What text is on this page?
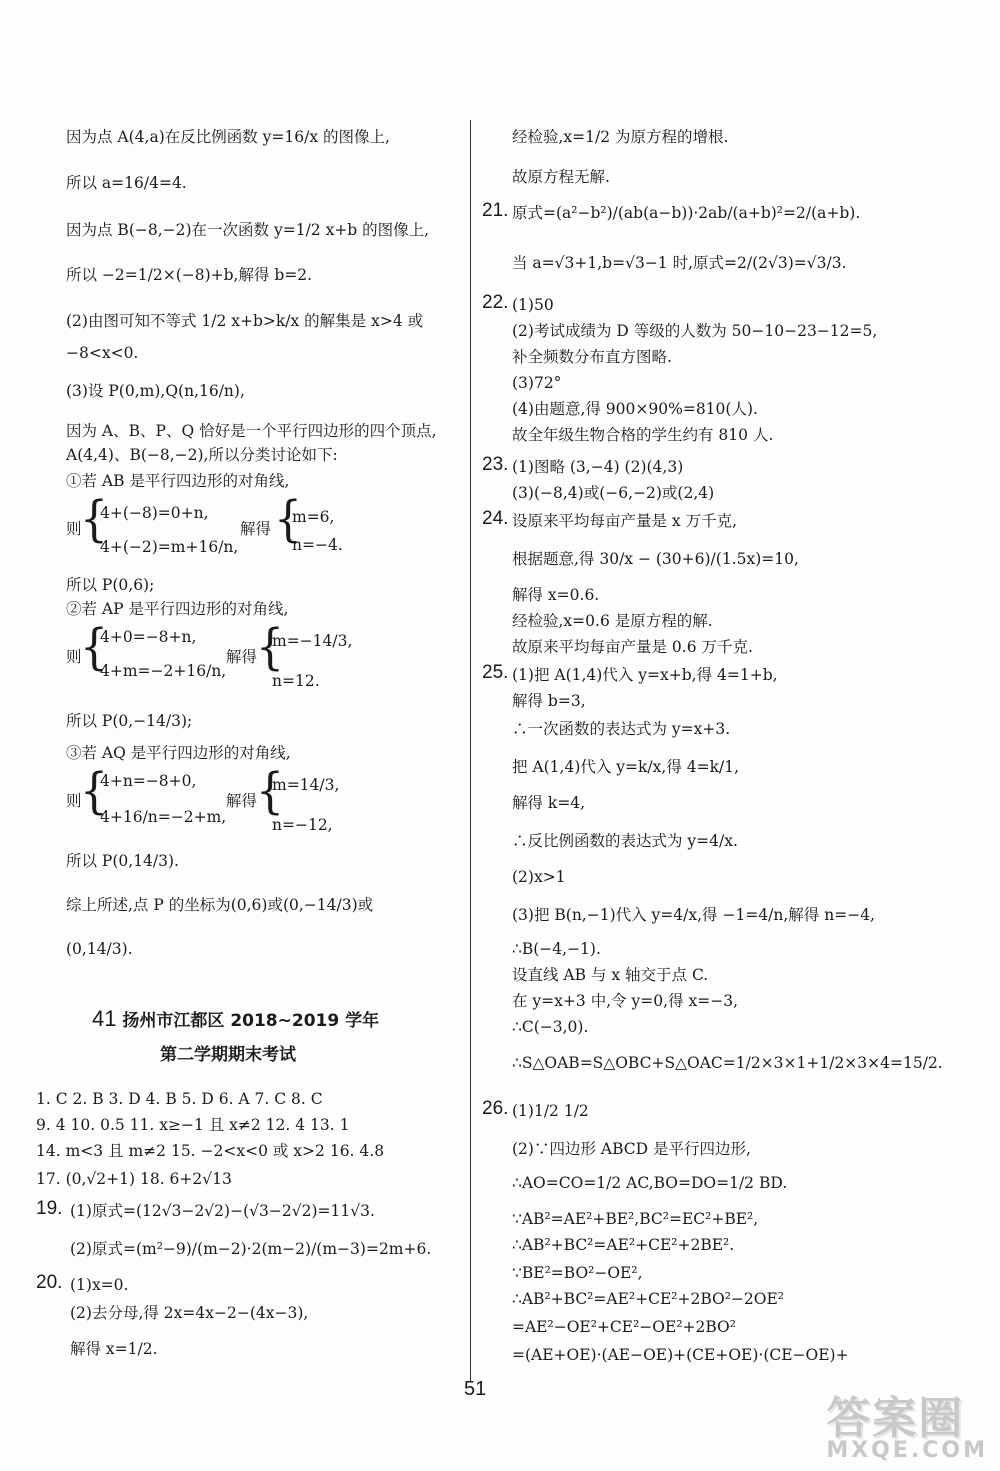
因为点 A(4,a)在反比例函数 y=16/x 的图像上,
所以 a=16/4=4.
因为点 B(−8,−2)在一次函数 y=1/2 x+b 的图像上,
所以 −2=1/2×(−8)+b,解得 b=2.
(2)由图可知不等式 1/2 x+b>k/x 的解集是 x>4 或
−8<x<0.
(3)设 P(0,m),Q(n,16/n),
因为 A、B、P、Q 恰好是一个平行四边形的四个顶点,
A(4,4)、B(−8,−2),所以分类讨论如下:
①若 AB 是平行四边形的对角线,
则
{
4+(−8)=0+n,
4+(−2)=m+16/n,
解得 {
m=6,
n=−4.
所以 P(0,6);
②若 AP 是平行四边形的对角线,
则
{
4+0=−8+n,
4+m=−2+16/n,
解得
{
m=−14/3,
n=12.
所以 P(0,−14/3);
③若 AQ 是平行四边形的对角线,
则
{
4+n=−8+0,
4+16/n=−2+m,
解得
{
m=14/3,
n=−12,
所以 P(0,14/3).
综上所述,点 P 的坐标为(0,6)或(0,−14/3)或
(0,14/3).
41 扬州市江都区 2018~2019 学年
第二学期期末考试
1. C 2. B 3. D 4. B 5. D 6. A 7. C 8. C
9. 4 10. 0.5 11. x≥−1 且 x≠2 12. 4 13. 1
14. m<3 且 m≠2 15. −2<x<0 或 x>2 16. 4.8
17. (0,√2+1) 18. 6+2√13
19. (1)原式=(12√3−2√2)−(√3−2√2)=11√3.
(2)原式=(m²−9)/(m−2)·2(m−2)/(m−3)=2m+6.
20. (1)x=0.
(2)去分母,得 2x=4x−2−(4x−3),
解得 x=1/2.
经检验,x=1/2 为原方程的增根.
故原方程无解.
21. 原式=(a²−b²)/(ab(a−b))·2ab/(a+b)²=2/(a+b).
当 a=√3+1,b=√3−1 时,原式=2/(2√3)=√3/3.
22. (1)50
(2)考试成绩为 D 等级的人数为 50−10−23−12=5,
补全频数分布直方图略.
(3)72°
(4)由题意,得 900×90%=810(人).
故全年级生物合格的学生约有 810 人.
23. (1)图略 (3,−4) (2)(4,3)
(3)(−8,4)或(−6,−2)或(2,4)
24. 设原来平均每亩产量是 x 万千克,
根据题意,得 30/x − (30+6)/(1.5x)=10,
解得 x=0.6.
经检验,x=0.6 是原方程的解.
故原来平均每亩产量是 0.6 万千克.
25. (1)把 A(1,4)代入 y=x+b,得 4=1+b,
解得 b=3,
∴一次函数的表达式为 y=x+3.
把 A(1,4)代入 y=k/x,得 4=k/1,
解得 k=4,
∴反比例函数的表达式为 y=4/x.
(2)x>1
(3)把 B(n,−1)代入 y=4/x,得 −1=4/n,解得 n=−4,
∴B(−4,−1).
设直线 AB 与 x 轴交于点 C.
在 y=x+3 中,令 y=0,得 x=−3,
∴C(−3,0).
∴S△OAB=S△OBC+S△OAC=1/2×3×1+1/2×3×4=15/2.
26. (1)1/2 1/2
(2)∵四边形 ABCD 是平行四边形,
∴AO=CO=1/2 AC,BO=DO=1/2 BD.
∵AB²=AE²+BE²,BC²=EC²+BE²,
∴AB²+BC²=AE²+CE²+2BE².
∵BE²=BO²−OE²,
∴AB²+BC²=AE²+CE²+2BO²−2OE²
=AE²−OE²+CE²−OE²+2BO²
=(AE+OE)·(AE−OE)+(CE+OE)·(CE−OE)+
51
答案圈
MXQE.COM
